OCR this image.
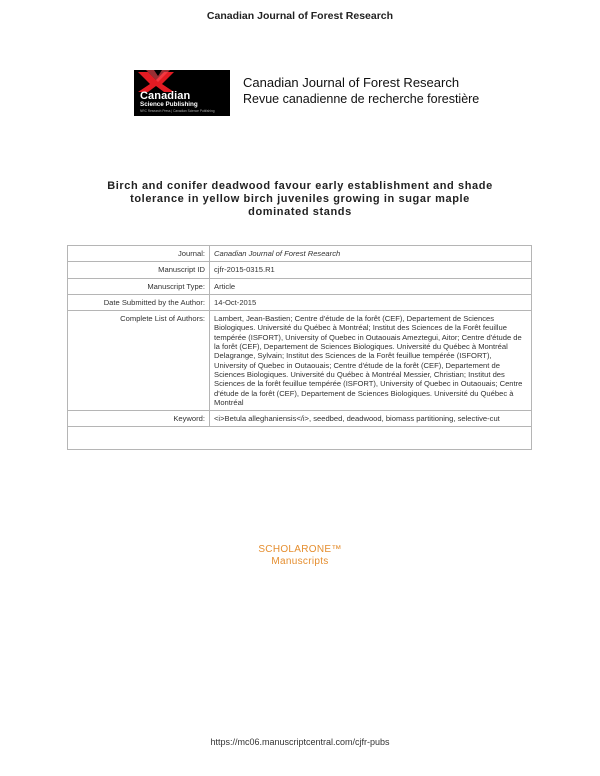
Canadian Journal of Forest Research
Canadian
Science Publishing
NRC Research Press | Canadian Science Publishing
Canadian Journal of Forest Research
Revue canadienne de recherche forestière
Birch and conifer deadwood favour early establishment and shade tolerance in yellow birch juveniles growing in sugar maple dominated stands
Journal:	Canadian Journal of Forest Research
Manuscript ID	cjfr-2015-0315.R1
Manuscript Type:	Article
Date Submitted by the Author:	14-Oct-2015
Complete List of Authors:	Lambert, Jean-Bastien; Centre d'étude de la forêt (CEF), Departement de Sciences Biologiques. Université du Québec à Montréal; Institut des Sciences de la Forêt feuillue tempérée (ISFORT), University of Quebec in Outaouais Ameztegui, Aitor; Centre d'étude de la forêt (CEF), Departement de Sciences Biologiques. Université du Québec à Montréal Delagrange, Sylvain; Institut des Sciences de la Forêt feuillue tempérée (ISFORT), University of Quebec in Outaouais; Centre d'étude de la forêt (CEF), Departement de Sciences Biologiques. Université du Québec à Montréal Messier, Christian; Institut des Sciences de la forêt feuillue tempérée (ISFORT), University of Quebec in Outaouais; Centre d'étude de la forêt (CEF), Departement de Sciences Biologiques. Université du Québec à Montréal
Keyword:	<i>Betula alleghaniensis</i>, seedbed, deadwood, biomass partitioning, selective-cut

SCHOLARONE™
Manuscripts
https://mc06.manuscriptcentral.com/cjfr-pubs
